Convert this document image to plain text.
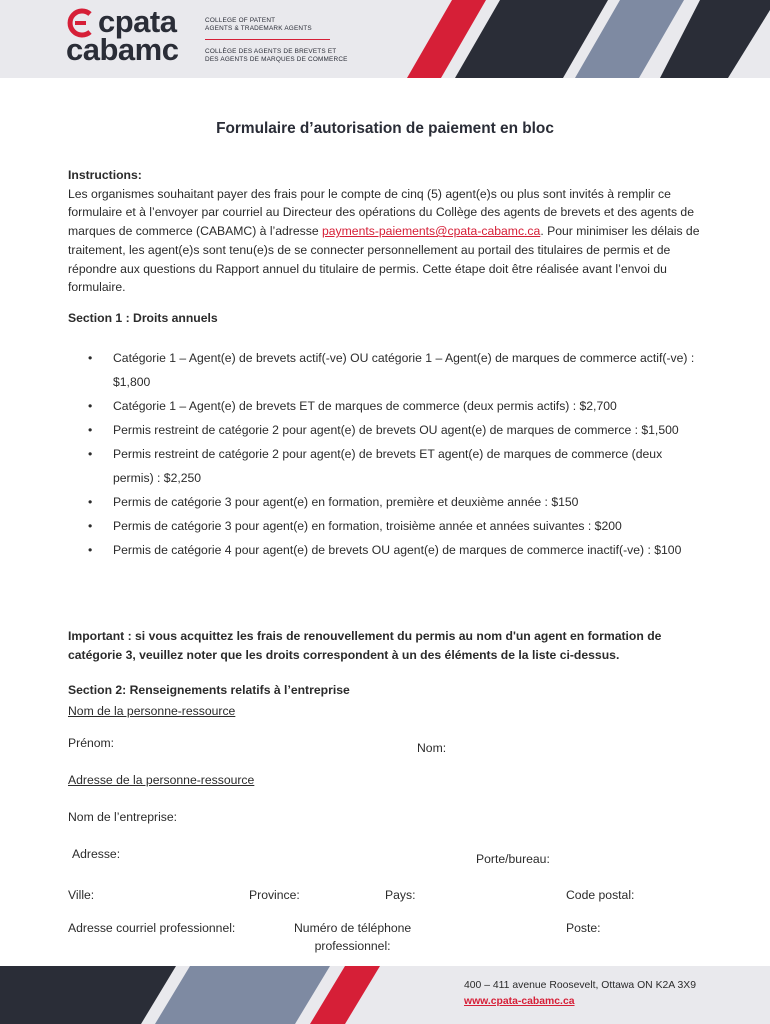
cpata
cabamc
COLLEGE OF PATENT
AGENTS & TRADEMARK AGENTS
COLLÈGE DES AGENTS DE BREVETS ET
DES AGENTS DE MARQUES DE COMMERCE
Formulaire d’autorisation de paiement en bloc
Instructions:
Les organismes souhaitant payer des frais pour le compte de cinq (5) agent(e)s ou plus sont invités à remplir ce formulaire et à l’envoyer par courriel au Directeur des opérations du Collège des agents de brevets et des agents de marques de commerce (CABAMC) à l’adresse payments-paiements@cpata-cabamc.ca. Pour minimiser les délais de traitement, les agent(e)s sont tenu(e)s de se connecter personnellement au portail des titulaires de permis et de répondre aux questions du Rapport annuel du titulaire de permis. Cette étape doit être réalisée avant l’envoi du formulaire.
Section 1 : Droits annuels
• Catégorie 1 – Agent(e) de brevets actif(-ve) OU catégorie 1 – Agent(e) de marques de commerce actif(-ve) : $1,800
• Catégorie 1 – Agent(e) de brevets ET de marques de commerce (deux permis actifs) : $2,700
• Permis restreint de catégorie 2 pour agent(e) de brevets OU agent(e) de marques de commerce : $1,500
• Permis restreint de catégorie 2 pour agent(e) de brevets ET agent(e) de marques de commerce (deux permis) : $2,250
• Permis de catégorie 3 pour agent(e) en formation, première et deuxième année : $150
• Permis de catégorie 3 pour agent(e) en formation, troisième année et années suivantes : $200
• Permis de catégorie 4 pour agent(e) de brevets OU agent(e) de marques de commerce inactif(-ve) : $100
Important : si vous acquittez les frais de renouvellement du permis au nom d'un agent en formation de catégorie 3, veuillez noter que les droits correspondent à un des éléments de la liste ci-dessus.
Section 2: Renseignements relatifs à l’entreprise
Nom de la personne-ressource
Prénom:	Nom:
Adresse de la personne-ressource
Nom de l’entreprise:
Adresse:	Porte/bureau:
Ville:	Province:	Pays:	Code postal:
Adresse courriel professionnel:	Numéro de téléphone
professionnel:
Poste:
400 – 411 avenue Roosevelt, Ottawa ON K2A 3X9
www.cpata-cabamc.ca
